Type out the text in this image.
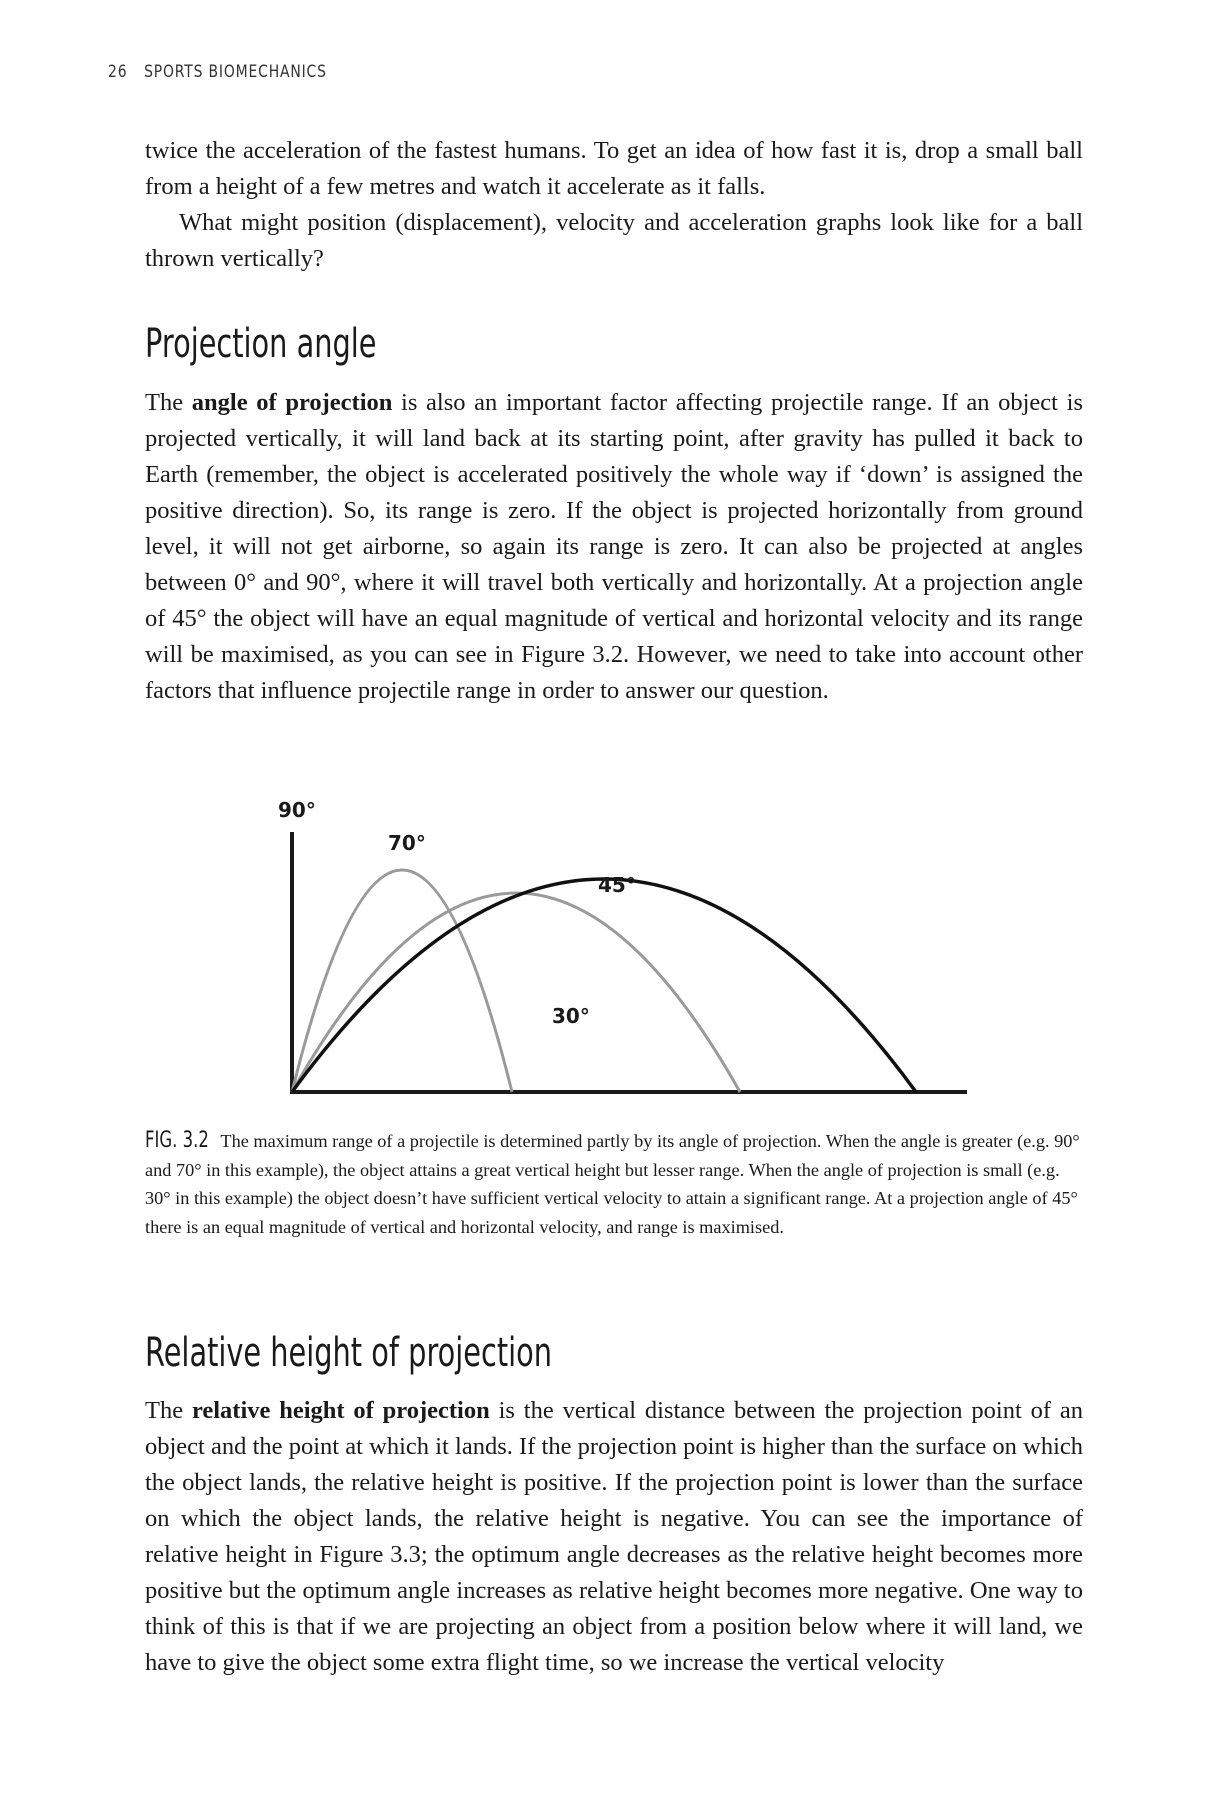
26 SPORTS BIOMECHANICS

twice the acceleration of the fastest humans. To get an idea of how fast it is, drop a small ball from a height of a few metres and watch it accelerate as it falls.

What might position (displacement), velocity and acceleration graphs look like for a ball thrown vertically?

Projection angle

The angle of projection is also an important factor affecting projectile range. If an object is projected vertically, it will land back at its starting point, after gravity has pulled it back to Earth (remember, the object is accelerated positively the whole way if ‘down’ is assigned the positive direction). So, its range is zero. If the object is projected horizontally from ground level, it will not get airborne, so again its range is zero. It can also be projected at angles between 0° and 90°, where it will travel both vertically and horizontally. At a projection angle of 45° the object will have an equal magnitude of vertical and horizontal velocity and its range will be maximised, as you can see in Figure 3.2. However, we need to take into account other factors that influence projectile range in order to answer our question.

90°
70°
45°
30°
FIG. 3.2 The maximum range of a projectile is determined partly by its angle of projection. When the angle is greater (e.g. 90° and 70° in this example), the object attains a great vertical height but lesser range. When the angle of projection is small (e.g. 30° in this example) the object doesn’t have sufficient vertical velocity to attain a significant range. At a projection angle of 45° there is an equal magnitude of vertical and horizontal velocity, and range is maximised.
Relative height of projection

The relative height of projection is the vertical distance between the projection point of an object and the point at which it lands. If the projection point is higher than the surface on which the object lands, the relative height is positive. If the projection point is lower than the surface on which the object lands, the relative height is negative. You can see the importance of relative height in Figure 3.3; the optimum angle decreases as the relative height becomes more positive but the optimum angle increases as relative height becomes more negative. One way to think of this is that if we are projecting an object from a position below where it will land, we have to give the object some extra flight time, so we increase the vertical velocity
